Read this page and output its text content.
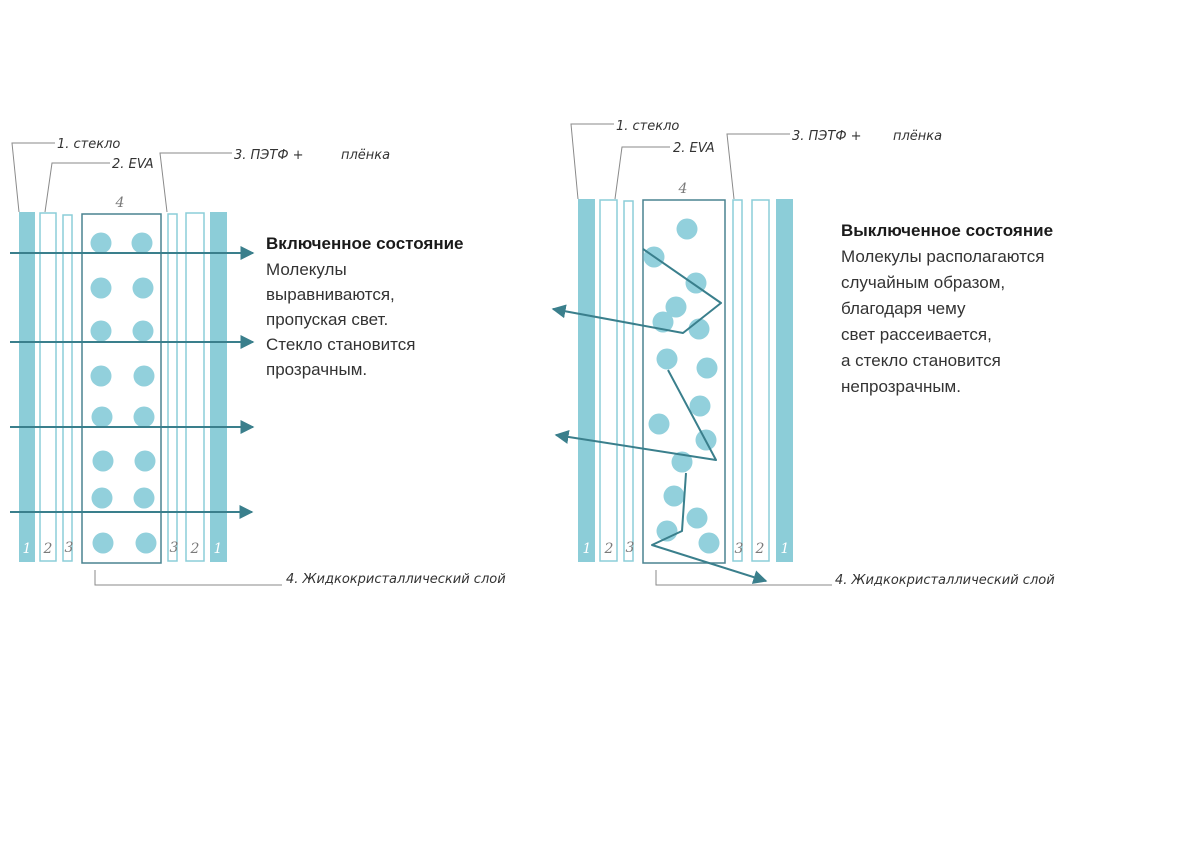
1. стекло
2. EVA
3. ПЭТФ +	плёнка
4. Жидкокристаллический слой
1 2 3
4
3 2 1
Включенное состояние
Молекулы
выравниваются,
пропуская свет.
Стекло становится
прозрачным.
1. стекло
2. EVA
3. ПЭТФ + плёнка
4. Жидкокристаллический слой
1 2 3
4
3 2 1
Выключенное состояние
Молекулы располагаются
случайным образом,
благодаря чему
свет рассеивается,
а стекло становится
непрозрачным.
